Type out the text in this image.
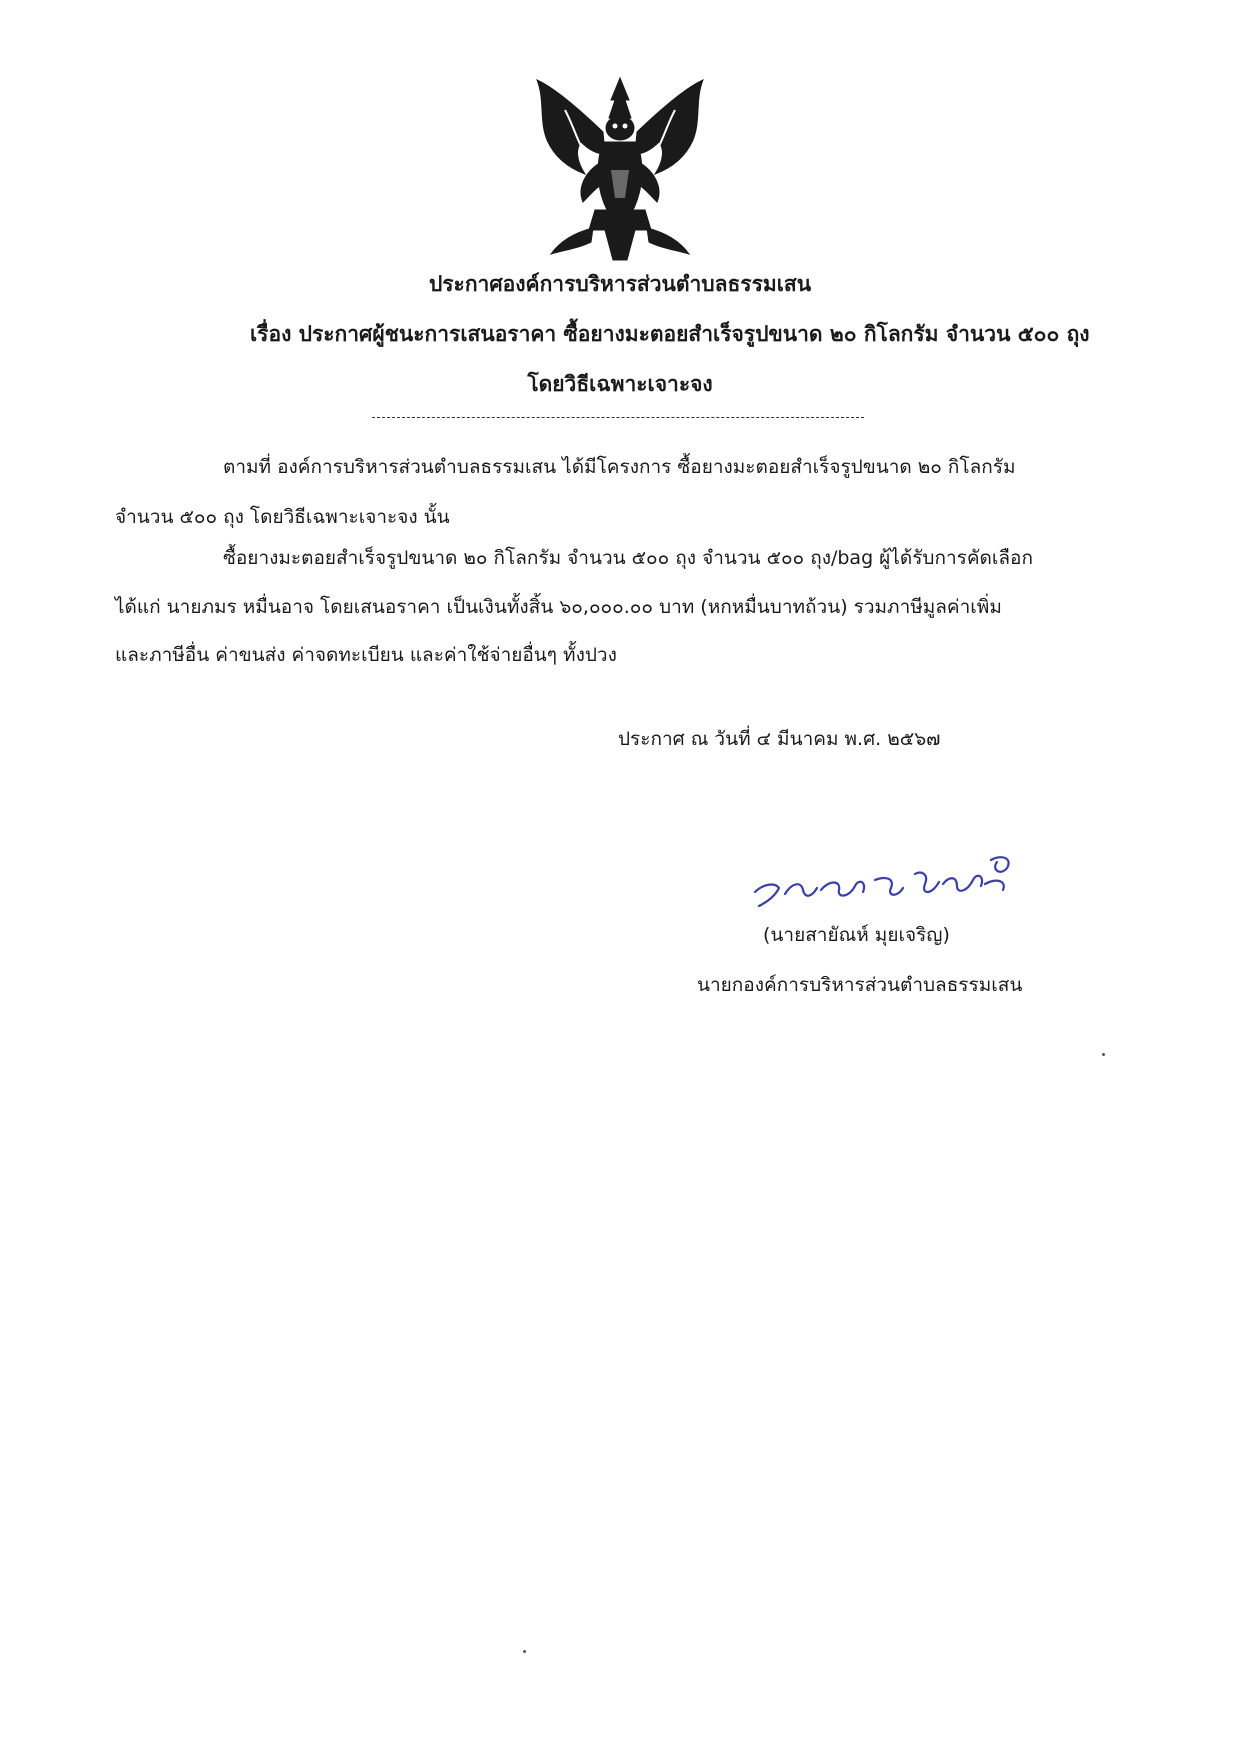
ประกาศองค์การบริหารส่วนตำบลธรรมเสน
เรื่อง ประกาศผู้ชนะการเสนอราคา ซื้อยางมะตอยสำเร็จรูปขนาด ๒๐ กิโลกรัม จำนวน ๕๐๐ ถุง
โดยวิธีเฉพาะเจาะจง
ตามที่ องค์การบริหารส่วนตำบลธรรมเสน ได้มีโครงการ ซื้อยางมะตอยสำเร็จรูปขนาด ๒๐ กิโลกรัม
จำนวน ๕๐๐ ถุง โดยวิธีเฉพาะเจาะจง นั้น
ซื้อยางมะตอยสำเร็จรูปขนาด ๒๐ กิโลกรัม จำนวน ๕๐๐ ถุง จำนวน ๕๐๐ ถุง/bag ผู้ได้รับการคัดเลือก
ได้แก่ นายภมร หมื่นอาจ โดยเสนอราคา เป็นเงินทั้งสิ้น ๖๐,๐๐๐.๐๐ บาท (หกหมื่นบาทถ้วน) รวมภาษีมูลค่าเพิ่ม
และภาษีอื่น ค่าขนส่ง ค่าจดทะเบียน และค่าใช้จ่ายอื่นๆ ทั้งปวง
ประกาศ ณ วันที่ ๔ มีนาคม พ.ศ. ๒๕๖๗
(นายสายัณห์ มุยเจริญ)
นายกองค์การบริหารส่วนตำบลธรรมเสน
